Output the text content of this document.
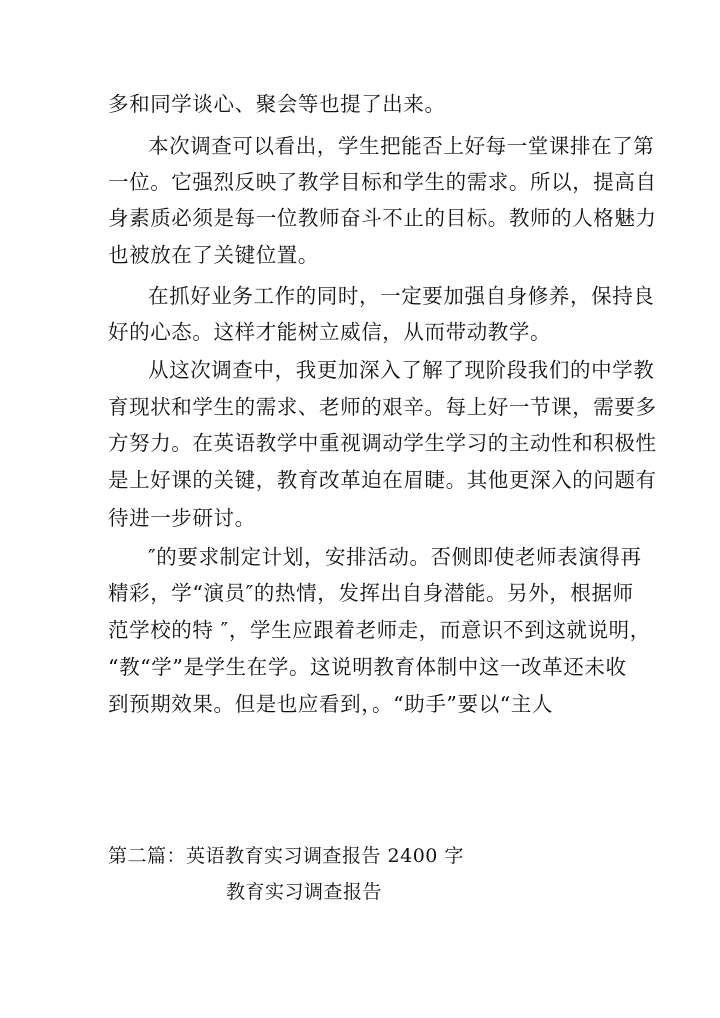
多和同学谈心、聚会等也提了出来。
本次调查可以看出，学生把能否上好每一堂课排在了第
一位。它强烈反映了教学目标和学生的需求。所以，提高自
身素质必须是每一位教师奋斗不止的目标。教师的人格魅力
也被放在了关键位置。
在抓好业务工作的同时，一定要加强自身修养，保持良
好的心态。这样才能树立威信，从而带动教学。
从这次调查中，我更加深入了解了现阶段我们的中学教
育现状和学生的需求、老师的艰辛。每上好一节课，需要多
方努力。在英语教学中重视调动学生学习的主动性和积极性
是上好课的关键，教育改革迫在眉睫。其他更深入的问题有
待进一步研讨。
″的要求制定计划，安排活动。否侧即使老师表演得再
精彩，学“演员″的热情，发挥出自身潜能。另外，根据师
范学校的特 ″，学生应跟着老师走，而意识不到这就说明，
“教“学”是学生在学。这说明教育体制中这一改革还未收
到预期效果。但是也应看到，。“助手”要以“主人
第二篇：英语教育实习调查报告 2400 字
教育实习调查报告
